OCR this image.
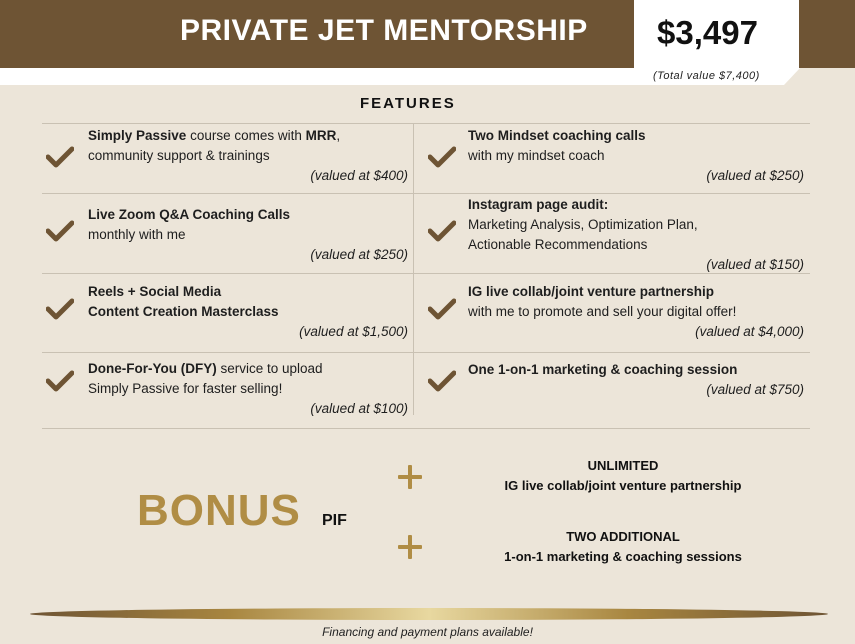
PRIVATE JET MENTORSHIP $3,497
(Total value $7,400)
FEATURES
Simply Passive course comes with MRR,
community support & trainings
(valued at $400)
Two Mindset coaching calls
with my mindset coach
(valued at $250)
Live Zoom Q&A Coaching Calls
monthly with me
(valued at $250)
Instagram page audit:
Marketing Analysis, Optimization Plan,
Actionable Recommendations
(valued at $150)
Reels + Social Media
Content Creation Masterclass
(valued at $1,500)
IG live collab/joint venture partnership
with me to promote and sell your digital offer!
(valued at $4,000)
Done-For-You (DFY) service to upload
Simply Passive for faster selling!
(valued at $100)
One 1-on-1 marketing & coaching session
(valued at $750)
BONUS PIF
UNLIMITED
IG live collab/joint venture partnership
TWO ADDITIONAL
1-on-1 marketing & coaching sessions
Financing and payment plans available!
